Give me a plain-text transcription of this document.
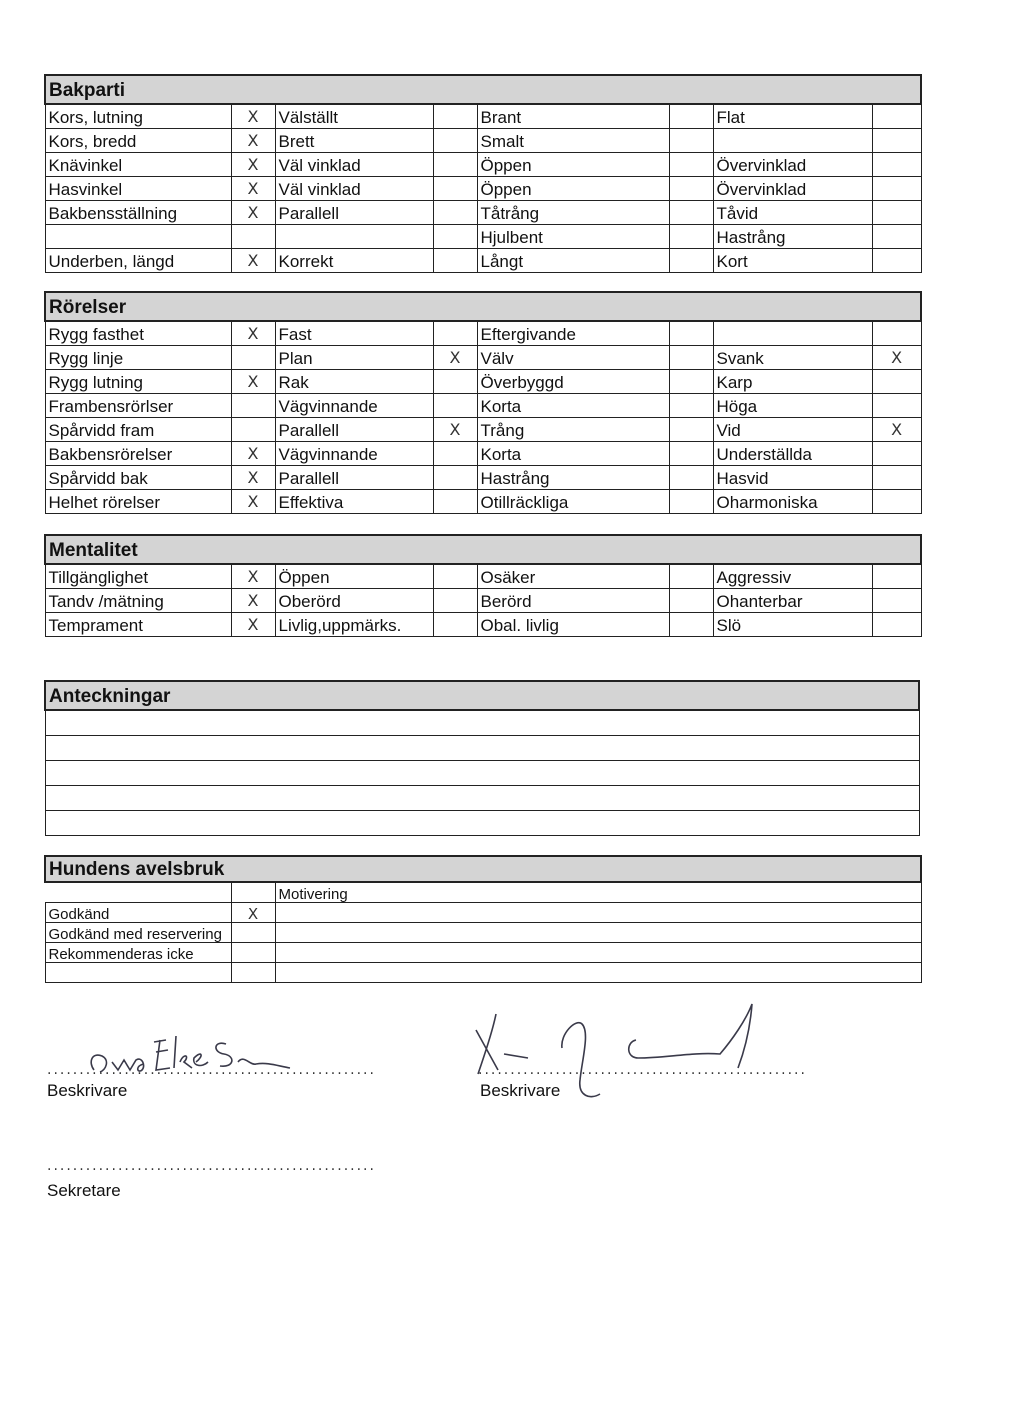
Bakparti							
Kors, lutning	X	Välställt		Brant		Flat	
Kors, bredd	X	Brett		Smalt			
Knävinkel	X	Väl vinklad		Öppen		Övervinklad	
Hasvinkel	X	Väl vinklad		Öppen		Övervinklad	
Bakbensställning	X	Parallell		Tåtrång		Tåvid	
				Hjulbent		Hastrång	
Underben, längd	X	Korrekt		Långt		Kort	
Rörelser							
Rygg fasthet	X	Fast		Eftergivande			
Rygg linje		Plan	X	Välv		Svank	X
Rygg lutning	X	Rak		Överbyggd		Karp	
Frambensrörlser		Vägvinnande		Korta		Höga	
Spårvidd fram		Parallell	X	Trång		Vid	X
Bakbensrörelser	X	Vägvinnande		Korta		Underställda	
Spårvidd bak	X	Parallell		Hastrång		Hasvid	
Helhet rörelser	X	Effektiva		Otillräckliga		Oharmoniska	
Mentalitet							
Tillgänglighet	X	Öppen		Osäker		Aggressiv	
Tandv /mätning	X	Oberörd		Berörd		Ohanterbar	
Temprament	X	Livlig,uppmärks.		Obal. livlig		Slö	
Anteckningar

Hundens avelsbruk		
		Motivering
Godkänd	X	
Godkänd med reservering		
Rekommenderas icke		

...................................................
Beskrivare
...................................................
Beskrivare
...................................................
Sekretare
